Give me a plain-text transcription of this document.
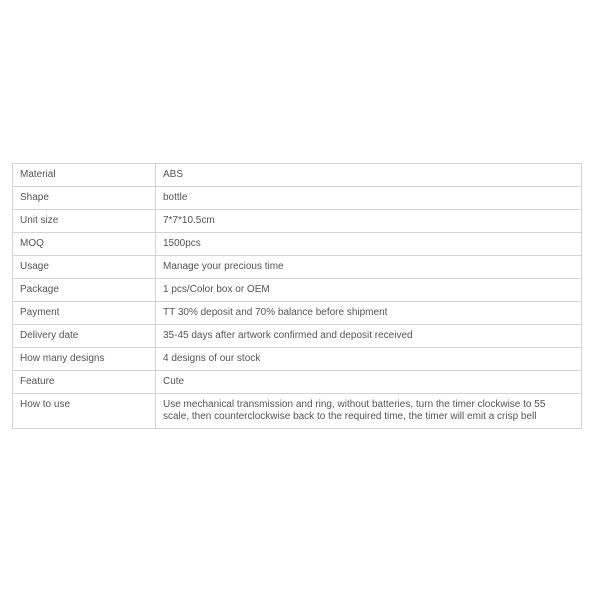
Material	ABS
Shape	bottle
Unit size	7*7*10.5cm
MOQ	1500pcs
Usage	Manage your precious time
Package	1 pcs/Color box or OEM
Payment	TT 30% deposit and 70% balance before shipment
Delivery date	35-45 days after artwork confirmed and deposit received
How many designs	4 designs of our stock
Feature	Cute
How to use	Use mechanical transmission and ring, without batteries, turn the timer clockwise to 55 scale, then counterclockwise back to the required time, the timer will emit a crisp bell
